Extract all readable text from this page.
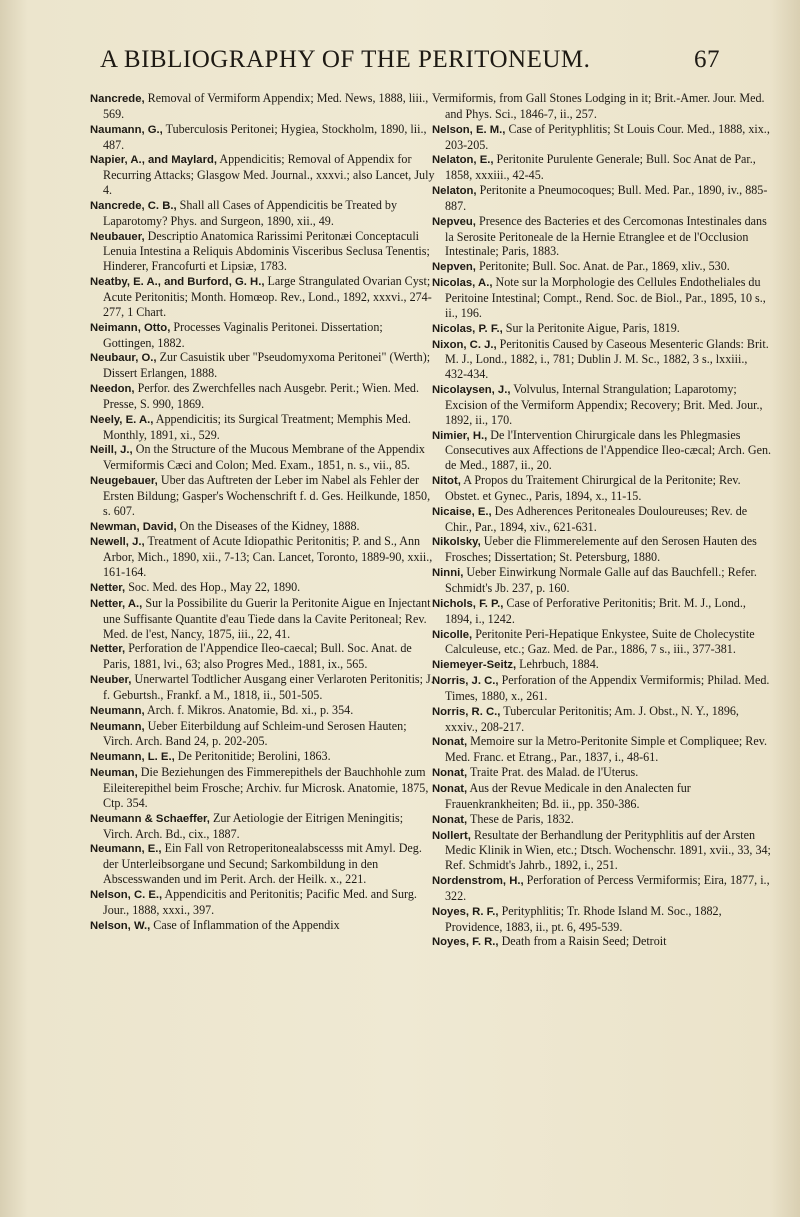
A BIBLIOGRAPHY OF THE PERITONEUM.	67

Nancrede, Removal of Vermiform Appendix; Med. News, 1888, liii., 569.

Naumann, G., Tuberculosis Peritonei; Hygiea, Stockholm, 1890, lii., 487.

Napier, A., and Maylard, Appendicitis; Removal of Appendix for Recurring Attacks; Glasgow Med. Journal., xxxvi.; also Lancet, July 4.

Nancrede, C. B., Shall all Cases of Appendicitis be Treated by Laparotomy? Phys. and Surgeon, 1890, xii., 49.

Neubauer, Descriptio Anatomica Rarissimi Peritonæi Conceptaculi Lenuia Intestina a Reliquis Abdominis Visceribus Seclusa Tenentis; Hinderer, Francofurti et Lipsiæ, 1783.

Neatby, E. A., and Burford, G. H., Large Strangulated Ovarian Cyst; Acute Peritonitis; Month. Homœop. Rev., Lond., 1892, xxxvi., 274-277, 1 Chart.

Neimann, Otto, Processes Vaginalis Peritonei. Dissertation; Gottingen, 1882.

Neubaur, O., Zur Casuistik uber "Pseudomyxoma Peritonei" (Werth); Dissert Erlangen, 1888.

Needon, Perfor. des Zwerchfelles nach Ausgebr. Perit.; Wien. Med. Presse, S. 990, 1869.

Neely, E. A., Appendicitis; its Surgical Treatment; Memphis Med. Monthly, 1891, xi., 529.

Neill, J., On the Structure of the Mucous Membrane of the Appendix Vermiformis Cæci and Colon; Med. Exam., 1851, n. s., vii., 85.

Neugebauer, Uber das Auftreten der Leber im Nabel als Fehler der Ersten Bildung; Gasper's Wochenschrift f. d. Ges. Heilkunde, 1850, s. 607.

Newman, David, On the Diseases of the Kidney, 1888.

Newell, J., Treatment of Acute Idiopathic Peritonitis; P. and S., Ann Arbor, Mich., 1890, xii., 7-13; Can. Lancet, Toronto, 1889-90, xxii., 161-164.

Netter, Soc. Med. des Hop., May 22, 1890.

Netter, A., Sur la Possibilite du Guerir la Peritonite Aigue en Injectant une Suffisante Quantite d'eau Tiede dans la Cavite Peritoneal; Rev. Med. de l'est, Nancy, 1875, iii., 22, 41.

Netter, Perforation de l'Appendice Ileo-caecal; Bull. Soc. Anat. de Paris, 1881, lvi., 63; also Progres Med., 1881, ix., 565.

Neuber, Unerwartel Todtlicher Ausgang einer Verlaroten Peritonitis; J. f. Geburtsh., Frankf. a M., 1818, ii., 501-505.

Neumann, Arch. f. Mikros. Anatomie, Bd. xi., p. 354.

Neumann, Ueber Eiterbildung auf Schleim-und Serosen Hauten; Virch. Arch. Band 24, p. 202-205.

Neumann, L. E., De Peritonitide; Berolini, 1863.

Neuman, Die Beziehungen des Fimmerepithels der Bauchhohle zum Eileiterepithel beim Frosche; Archiv. fur Microsk. Anatomie, 1875, Ctp. 354.

Neumann & Schaeffer, Zur Aetiologie der Eitrigen Meningitis; Virch. Arch. Bd., cix., 1887.

Neumann, E., Ein Fall von Retroperitonealabscesss mit Amyl. Deg. der Unterleibsorgane und Secund; Sarkombildung in den Abscesswanden und im Perit. Arch. der Heilk. x., 221.

Nelson, C. E., Appendicitis and Peritonitis; Pacific Med. and Surg. Jour., 1888, xxxi., 397.

Nelson, W., Case of Inflammation of the Appendix

Vermiformis, from Gall Stones Lodging in it; Brit.-Amer. Jour. Med. and Phys. Sci., 1846-7, ii., 257.

Nelson, E. M., Case of Perityphlitis; St Louis Cour. Med., 1888, xix., 203-205.

Nelaton, E., Peritonite Purulente Generale; Bull. Soc Anat de Par., 1858, xxxiii., 42-45.

Nelaton, Peritonite a Pneumocoques; Bull. Med. Par., 1890, iv., 885-887.

Nepveu, Presence des Bacteries et des Cercomonas Intestinales dans la Serosite Peritoneale de la Hernie Etranglee et de l'Occlusion Intestinale; Paris, 1883.

Nepven, Peritonite; Bull. Soc. Anat. de Par., 1869, xliv., 530.

Nicolas, A., Note sur la Morphologie des Cellules Endotheliales du Peritoine Intestinal; Compt., Rend. Soc. de Biol., Par., 1895, 10 s., ii., 196.

Nicolas, P. F., Sur la Peritonite Aigue, Paris, 1819.

Nixon, C. J., Peritonitis Caused by Caseous Mesenteric Glands: Brit. M. J., Lond., 1882, i., 781; Dublin J. M. Sc., 1882, 3 s., lxxiii., 432-434.

Nicolaysen, J., Volvulus, Internal Strangulation; Laparotomy; Excision of the Vermiform Appendix; Recovery; Brit. Med. Jour., 1892, ii., 170.

Nimier, H., De l'Intervention Chirurgicale dans les Phlegmasies Consecutives aux Affections de l'Appendice Ileo-cæcal; Arch. Gen. de Med., 1887, ii., 20.

Nitot, A Propos du Traitement Chirurgical de la Peritonite; Rev. Obstet. et Gynec., Paris, 1894, x., 11-15.

Nicaise, E., Des Adherences Peritoneales Douloureuses; Rev. de Chir., Par., 1894, xiv., 621-631.

Nikolsky, Ueber die Flimmerelemente auf den Serosen Hauten des Frosches; Dissertation; St. Petersburg, 1880.

Ninni, Ueber Einwirkung Normale Galle auf das Bauchfell.; Refer. Schmidt's Jb. 237, p. 160.

Nichols, F. P., Case of Perforative Peritonitis; Brit. M. J., Lond., 1894, i., 1242.

Nicolle, Peritonite Peri-Hepatique Enkystee, Suite de Cholecystite Calculeuse, etc.; Gaz. Med. de Par., 1886, 7 s., iii., 377-381.

Niemeyer-Seitz, Lehrbuch, 1884.

Norris, J. C., Perforation of the Appendix Vermiformis; Philad. Med. Times, 1880, x., 261.

Norris, R. C., Tubercular Peritonitis; Am. J. Obst., N. Y., 1896, xxxiv., 208-217.

Nonat, Memoire sur la Metro-Peritonite Simple et Compliquee; Rev. Med. Franc. et Etrang., Par., 1837, i., 48-61.

Nonat, Traite Prat. des Malad. de l'Uterus.

Nonat, Aus der Revue Medicale in den Analecten fur Frauenkrankheiten; Bd. ii., pp. 350-386.

Nonat, These de Paris, 1832.

Nollert, Resultate der Berhandlung der Perityphlitis auf der Arsten Medic Klinik in Wien, etc.; Dtsch. Wochenschr. 1891, xvii., 33, 34; Ref. Schmidt's Jahrb., 1892, i., 251.

Nordenstrom, H., Perforation of Percess Vermiformis; Eira, 1877, i., 322.

Noyes, R. F., Perityphlitis; Tr. Rhode Island M. Soc., 1882, Providence, 1883, ii., pt. 6, 495-539.

Noyes, F. R., Death from a Raisin Seed; Detroit
